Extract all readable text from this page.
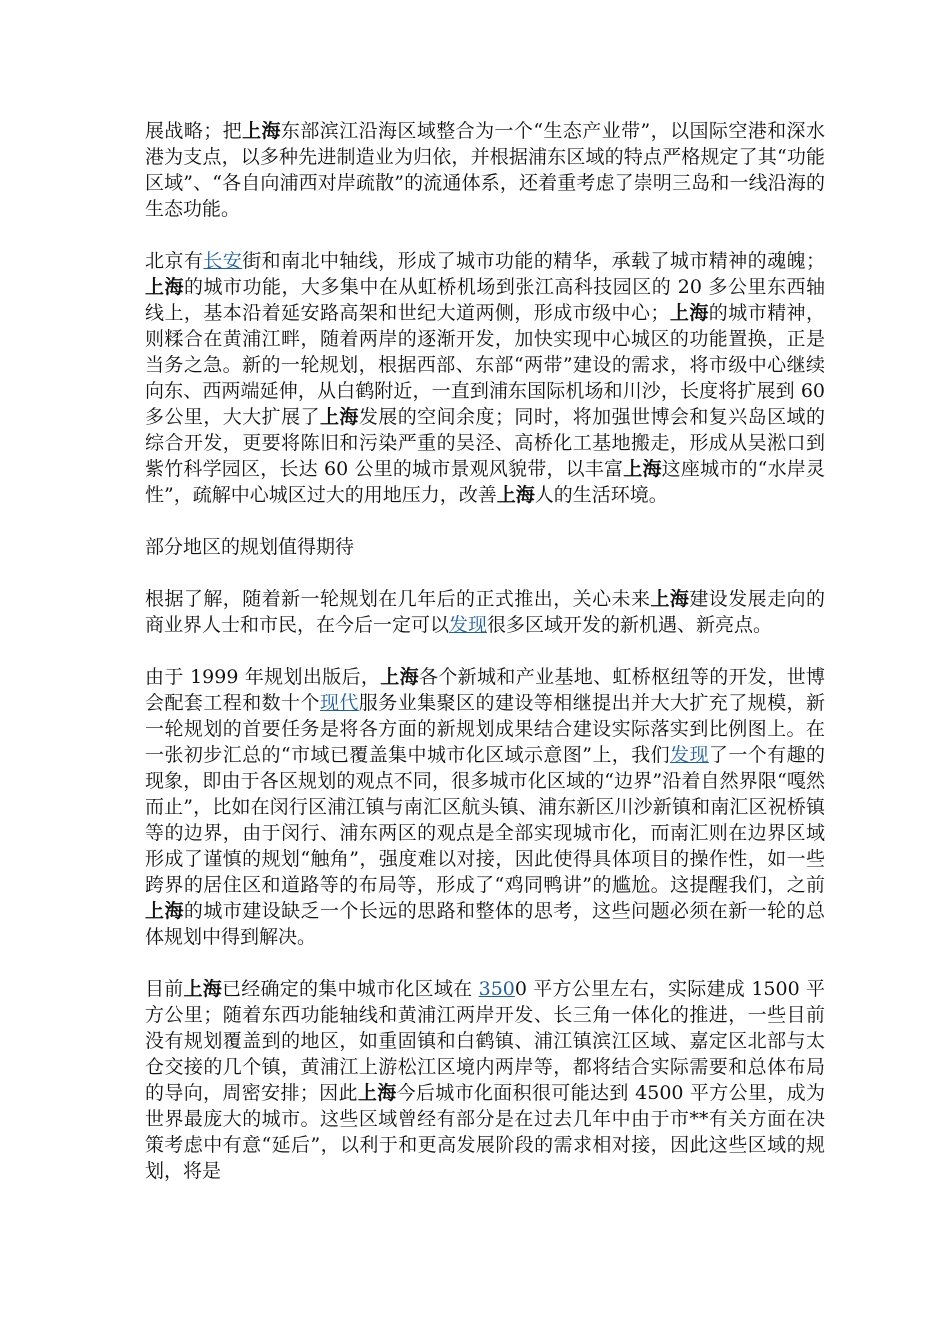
展战略；把上海东部滨江沿海区域整合为一个“生态产业带”，以国际空港和深水港为支点，以多种先进制造业为归依，并根据浦东区域的特点严格规定了其“功能区域”、“各自向浦西对岸疏散”的流通体系，还着重考虑了崇明三岛和一线沿海的生态功能。

北京有长安街和南北中轴线，形成了城市功能的精华，承载了城市精神的魂魄；上海的城市功能，大多集中在从虹桥机场到张江高科技园区的 20 多公里东西轴线上，基本沿着延安路高架和世纪大道两侧，形成市级中心；上海的城市精神，则糅合在黄浦江畔，随着两岸的逐渐开发，加快实现中心城区的功能置换，正是当务之急。新的一轮规划，根据西部、东部“两带”建设的需求，将市级中心继续向东、西两端延伸，从白鹤附近，一直到浦东国际机场和川沙，长度将扩展到 60 多公里，大大扩展了上海发展的空间余度；同时，将加强世博会和复兴岛区域的综合开发，更要将陈旧和污染严重的吴泾、高桥化工基地搬走，形成从吴淞口到紫竹科学园区，长达 60 公里的城市景观风貌带，以丰富上海这座城市的“水岸灵性”，疏解中心城区过大的用地压力，改善上海人的生活环境。

部分地区的规划值得期待

根据了解，随着新一轮规划在几年后的正式推出，关心未来上海建设发展走向的商业界人士和市民，在今后一定可以发现很多区域开发的新机遇、新亮点。

由于 1999 年规划出版后，上海各个新城和产业基地、虹桥枢纽等的开发，世博会配套工程和数十个现代服务业集聚区的建设等相继提出并大大扩充了规模，新一轮规划的首要任务是将各方面的新规划成果结合建设实际落实到比例图上。在一张初步汇总的“市域已覆盖集中城市化区域示意图”上，我们发现了一个有趣的现象，即由于各区规划的观点不同，很多城市化区域的“边界”沿着自然界限“嘎然而止”，比如在闵行区浦江镇与南汇区航头镇、浦东新区川沙新镇和南汇区祝桥镇等的边界，由于闵行、浦东两区的观点是全部实现城市化，而南汇则在边界区域形成了谨慎的规划“触角”，强度难以对接，因此使得具体项目的操作性，如一些跨界的居住区和道路等的布局等，形成了“鸡同鸭讲”的尴尬。这提醒我们，之前上海的城市建设缺乏一个长远的思路和整体的思考，这些问题必须在新一轮的总体规划中得到解决。

目前上海已经确定的集中城市化区域在 3500 平方公里左右，实际建成 1500 平方公里；随着东西功能轴线和黄浦江两岸开发、长三角一体化的推进，一些目前没有规划覆盖到的地区，如重固镇和白鹤镇、浦江镇滨江区域、嘉定区北部与太仓交接的几个镇，黄浦江上游松江区境内两岸等，都将结合实际需要和总体布局的导向，周密安排；因此上海今后城市化面积很可能达到 4500 平方公里，成为世界最庞大的城市。这些区域曾经有部分是在过去几年中由于市**有关方面在决策考虑中有意“延后”，以利于和更高发展阶段的需求相对接，因此这些区域的规划，将是
